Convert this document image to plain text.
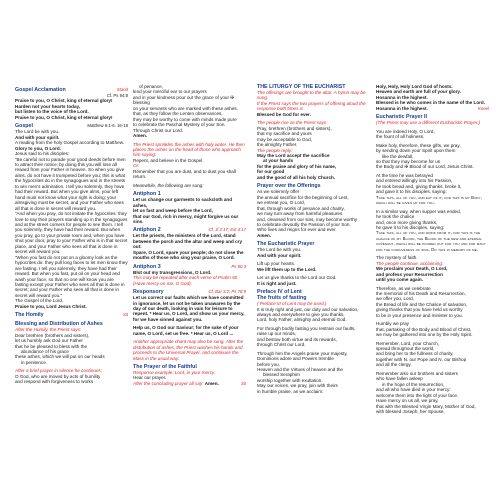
Gospel Acclamation	Stand
Cf. Ps 94:8
Praise to you, O Christ, king of eternal glory!
Harden not your hearts today,
but listen to the voice of the Lord.
Praise to you, O Christ, king of eternal glory!
Gospel	Matthew 6:1-6. 16-18
The Lord be with you.
And with your spirit.
A reading from the holy Gospel according to Matthew.
Glory to you, O Lord.
Jesus said to his disciples:
“Be careful not to parade your good deeds before men to attract their notice; by doing this you will lose all reward from your Father in heaven. So when you give alms, do not have it trumpeted before you; this is what the hypocrites do in the synagogues and in the streets to win men’s admiration. I tell you solemnly, they have had their reward. But when you give alms, your left hand must not know what your right is doing; your almsgiving must be secret, and your Father who sees all that is done in secret will reward you.
“And when you pray, do not imitate the hypocrites: they love to say their prayers standing up in the synagogues and at the street corners for people to see them. I tell you solemnly, they have had their reward. But when you pray, go to your private room and, when you have shut your door, pray to your Father who is in that secret place, and your Father who sees all that is done in secret will reward you.
“When you fast do not put on a gloomy look as the hypocrites do: they pull long faces to let men know they are fasting. I tell you solemnly, they have had their reward. But when you fast, put oil on your head and wash your face, so that no one will know you are fasting except your Father who sees all that is done in secret; and your Father who sees all that is done in secret will reward you.”
The Gospel of the Lord.
Praise to you, Lord Jesus Christ.
The Homily	Sit
Blessing and Distribution of Ashes
After the Homily, the Priest says:
Dear brethren (brothers and sisters),
let us humbly ask God our Father
that he be pleased to bless with the
abundance of his grace
these ashes, which we will put on our heads
in penitence.
After a brief prayer in silence he continues:
O God, who are moved by acts of humility
and respond with forgiveness to works
of penance,
lend your merciful ear to our prayers
and in your kindness pour out the grace of your ✠ blessing
on your servants who are marked with these ashes,
that, as they follow the Lenten observances,
they may be worthy to come with minds made pure
to celebrate the Paschal Mystery of your Son.
Through Christ our Lord.
Amen.
The Priest sprinkles the ashes with holy water. He then places the ashes on the head of those who approach him saying:
Repent, and believe in the Gospel.
Or:
Remember that you are dust, and to dust you shall return.
Meanwhile, the following are sung:
Antiphon 1
Let us change our garments to sackcloth and ashes,
let us fast and weep before the Lord,
that our God, rich in mercy, might forgive us our sins.
Antiphon 2	Cf. Jl 2:17; Est 4:17
Let the priests, the ministers of the Lord, stand between the porch and the altar and weep and cry out:
Spare, O Lord, spare your people; do not close the mouths of those who sing your praise, O Lord.
Antiphon 3	Ps 50:3
Blot out my transgressions, O Lord.
This may be repeated after each verse of Psalm 50 (Have mercy on me, O God).
Responsory	Cf. Bar 3:2; Ps 78:9
Let us correct our faults which we have committed in ignorance, let us not be taken unawares by the day of our death, looking in vain for leisure to repent. * Hear us, O Lord, and show us your mercy, for we have sinned against you.
Help us, O God our Saviour; for the sake of your name, O Lord, set us free. * Hear us, O Lord ...
Another appropriate chant may also be sung. After the distribution of ashes, the Priest washes his hands and proceeds to the Universal Prayer, and continues the Mass in the usual way.
The Prayer of the Faithful
Response example: Lord, in your mercy.
Hear our prayer.
After the concluding prayer all say: Amen.	Sit
THE LITURGY OF THE EUCHARIST
The offerings are brought to the altar. A hymn may be sung.
If the Priest says the two prayers of offering aloud the response both times is
Blessed be God for ever.
The people rise as the Priest says:
Pray, brethren (brothers and sisters),
that my sacrifice and yours
may be acceptable to God,
the almighty Father.
The people reply:
May the Lord accept the sacrifice
at your hands
for the praise and glory of his name,
for our good
and the good of all his holy Church.
Prayer over the Offerings
As we solemnly offer
the annual sacrifice for the beginning of Lent,
we entreat you, O Lord,
that, through works of penance and charity,
we may turn away from harmful pleasures
and, cleansed from our sins, may become worthy
to celebrate devoutly the Passion of your Son.
Who lives and reigns for ever and ever.
Amen.
The Eucharistic Prayer
The Lord be with you.
And with your spirit.
Lift up your hearts.
We lift them up to the Lord.
Let us give thanks to the Lord our God.
It is right and just.
Preface IV of Lent
The fruits of fasting
( Preface III of Lent may be used.)
It is truly right and just, our duty and our salvation,
always and everywhere to give you thanks,
Lord, holy Father, almighty and eternal God.
For through bodily fasting you restrain our faults,
raise up our minds,
and bestow both virtue and its rewards,
through Christ our Lord.
Through him the Angels praise your majesty,
Dominions adore and Powers tremble
before you.
Heaven and the Virtues of heaven and the
blessed Seraphim
worship together with exultation.
May our voices, we pray, join with theirs
in humble praise, as we acclaim:
Holy, Holy, Holy Lord God of hosts.
Heaven and earth are full of your glory.
Hosanna in the highest.
Blessed is he who comes in the name of the Lord.
Hosanna in the highest.	Kneel
Eucharistic Prayer II
(The Priest may use a different Eucharistic Prayer.)
You are indeed Holy, O Lord,
the fount of all holiness.
Make holy, therefore, these gifts, we pray,
by sending down your Spirit upon them
like the dewfall,
so that they may become for us
the Body and ✠ Blood of our Lord, Jesus Christ.
At the time he was betrayed
and entered willingly into his Passion,
he took bread and, giving thanks, broke it,
and gave it to his disciples, saying:
Take this, all of you, and eat of it, for this is my Body, which will be given up for you.
In a similar way, when supper was ended,
he took the chalice
and, once more giving thanks,
he gave it to his disciples, saying:
Take this, all of you, and drink from it, for this is the chalice of my Blood, the Blood of the new and eternal covenant, which will be poured out for you and for many for the forgiveness of sins. Do this in memory of me.
The mystery of faith.
The people continue, acclaiming:
We proclaim your Death, O Lord,
and profess your Resurrection
until you come again.
Therefore, as we celebrate
the memorial of his Death and Resurrection,
we offer you, Lord,
the Bread of life and the Chalice of salvation,
giving thanks that you have held us worthy
to be in your presence and minister to you.
Humbly we pray
that, partaking of the Body and Blood of Christ,
we may be gathered into one by the Holy Spirit.
Remember, Lord, your Church,
spread throughout the world,
and bring her to the fullness of charity,
together with N. our Pope and N. our Bishop
and all the clergy.
Remember also our brothers and sisters
who have fallen asleep
in the hope of the resurrection,
and all who have died in your mercy:
welcome them into the light of your face.
Have mercy on us all, we pray,
that with the Blessed Virgin Mary, Mother of God,
with blessed Joseph, her Spouse,
